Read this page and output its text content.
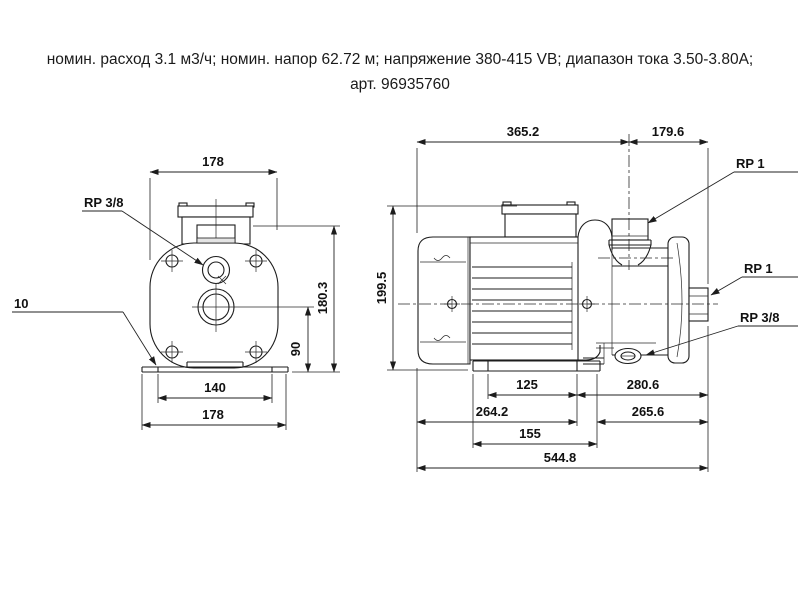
номин. расход 3.1 м3/ч; номин. напор 62.72 м; напряжение 380-415 VB; диапазон тока 3.50-3.80А;
арт. 96935760
178
180.3
90
140
178
RP 3/8
10
365.2	179.6
199.5
125	280.6
264.2	265.6
155
544.8
RP 1
RP 1
RP 3/8
